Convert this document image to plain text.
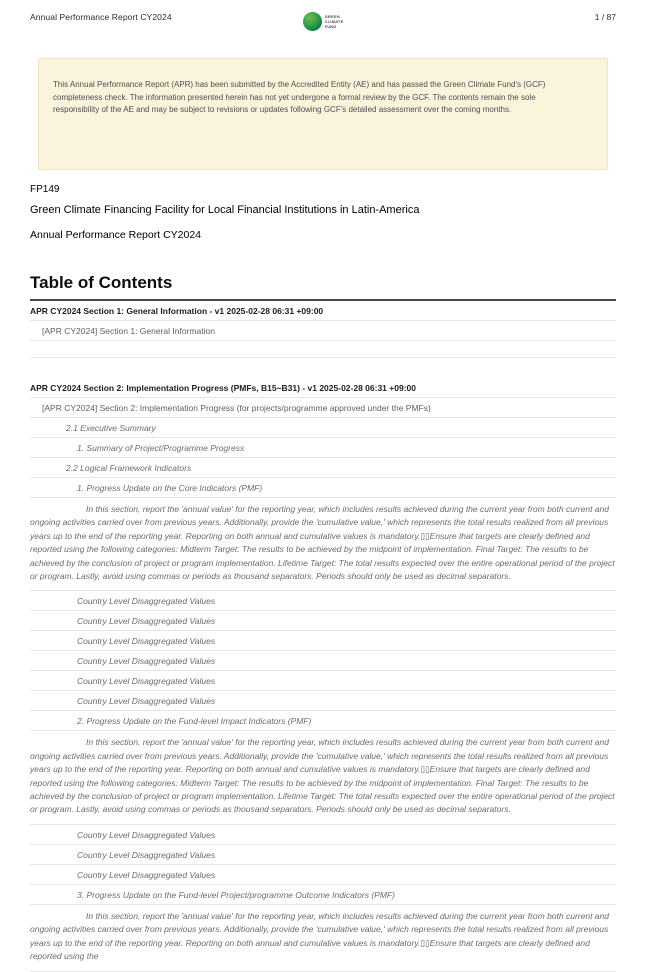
Annual Performance Report CY2024	GREEN
CLIMATE
FUND
1 / 87

This Annual Performance Report (APR) has been submitted by the Accredited Entity (AE) and has passed the Green Climate Fund's (GCF) completeness check. The information presented herein has not yet undergone a formal review by the GCF. The contents remain the sole responsibility of the AE and may be subject to revisions or updates following GCF's detailed assessment over the coming months.

FP149
Green Climate Financing Facility for Local Financial Institutions in Latin-America
Annual Performance Report CY2024
Table of Contents
APR CY2024 Section 1: General Information - v1 2025-02-28 06:31 +09:00
[APR CY2024] Section 1: General Information
APR CY2024 Section 2: Implementation Progress (PMFs, B15~B31) - v1 2025-02-28 06:31 +09:00
[APR CY2024] Section 2: Implementation Progress (for projects/programme approved under the PMFs)
2.1 Executive Summary
1. Summary of Project/Programme Progress
2.2 Logical Framework Indicators
1. Progress Update on the Core Indicators (PMF)
In this section, report the 'annual value' for the reporting year, which includes results achieved during the current year from both current and ongoing activities carried over from previous years. Additionally, provide the 'cumulative value,' which represents the total results realized from all previous years up to the end of the reporting year. Reporting on both annual and cumulative values is mandatory.▯▯Ensure that targets are clearly defined and reported using the following categories: Midterm Target: The results to be achieved by the midpoint of implementation. Final Target: The results to be achieved by the conclusion of project or program implementation. Lifetime Target: The total results expected over the entire operational period of the project or program. Lastly, avoid using commas or periods as thousand separators. Periods should only be used as decimal separators.
Country Level Disaggregated Values
Country Level Disaggregated Values
Country Level Disaggregated Values
Country Level Disaggregated Values
Country Level Disaggregated Values
Country Level Disaggregated Values
2. Progress Update on the Fund-level Impact Indicators (PMF)
In this section, report the 'annual value' for the reporting year, which includes results achieved during the current year from both current and ongoing activities carried over from previous years. Additionally, provide the 'cumulative value,' which represents the total results realized from all previous years up to the end of the reporting year. Reporting on both annual and cumulative values is mandatory.▯▯Ensure that targets are clearly defined and reported using the following categories: Midterm Target: The results to be achieved by the midpoint of implementation. Final Target: The results to be achieved by the conclusion of project or program implementation. Lifetime Target: The total results expected over the entire operational period of the project or program. Lastly, avoid using commas or periods as thousand separators. Periods should only be used as decimal separators.
Country Level Disaggregated Values
Country Level Disaggregated Values
Country Level Disaggregated Values
3. Progress Update on the Fund-level Project/programme Outcome Indicators (PMF)
In this section, report the 'annual value' for the reporting year, which includes results achieved during the current year from both current and ongoing activities carried over from previous years. Additionally, provide the 'cumulative value,' which represents the total results realized from all previous years up to the end of the reporting year. Reporting on both annual and cumulative values is mandatory.▯▯Ensure that targets are clearly defined and reported using the
